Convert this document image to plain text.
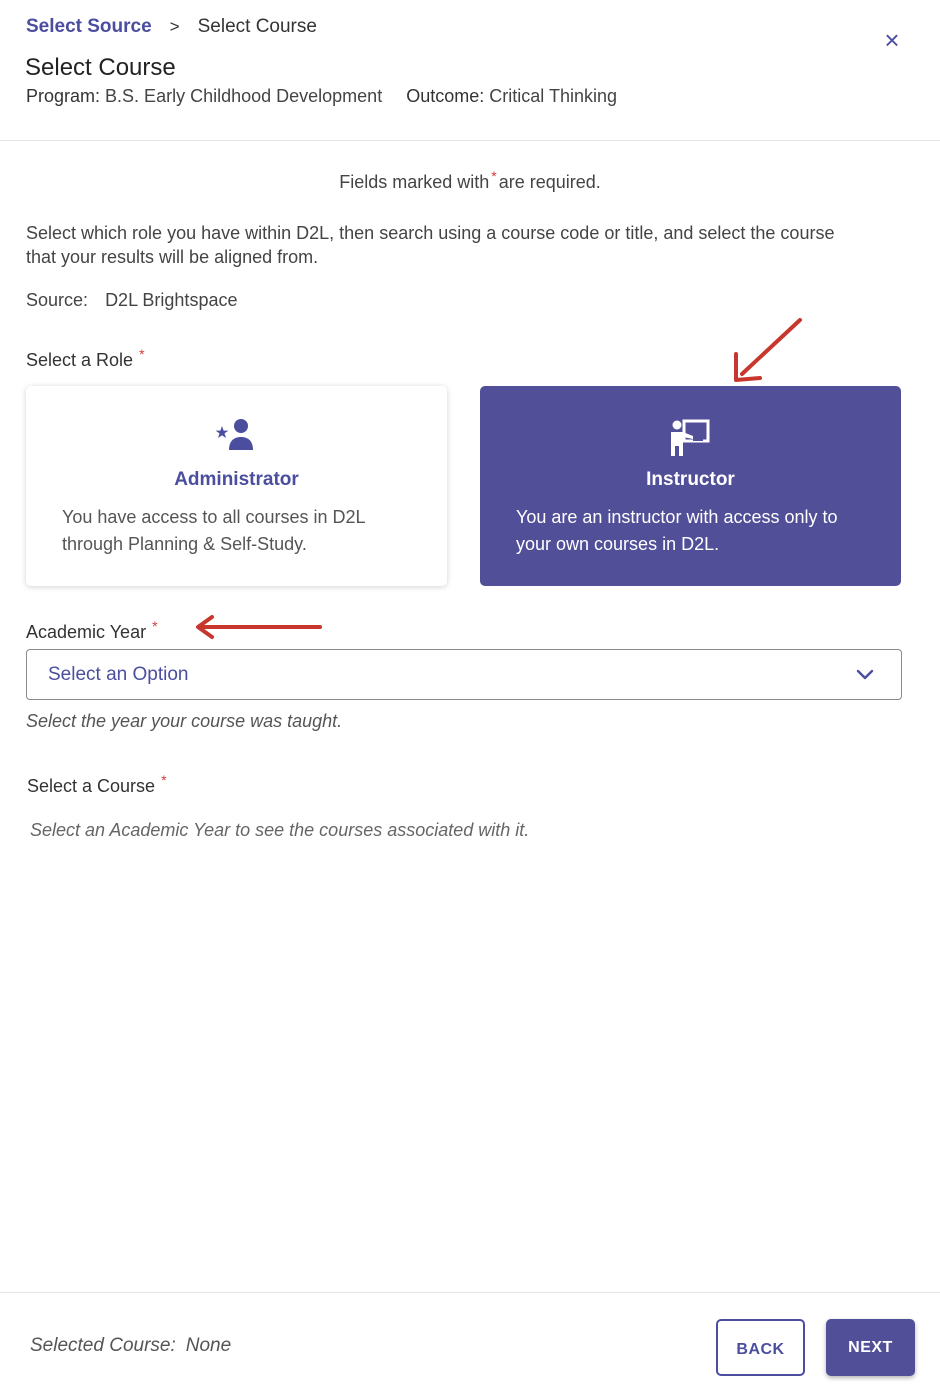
Select Source > Select Course	×
Select Course
Program: B.S. Early Childhood Development Outcome: Critical Thinking
Fields marked with * are required.
Select which role you have within D2L, then search using a course code or title, and select the course that your results will be aligned from.
Source: D2L Brightspace
Select a Role *
Administrator
You have access to all courses in D2L through Planning & Self-Study.
Instructor
You are an instructor with access only to your own courses in D2L.
Academic Year *
Select an Option
Select the year your course was taught.
Select a Course *
Select an Academic Year to see the courses associated with it.
Selected Course: None	BACK	NEXT
